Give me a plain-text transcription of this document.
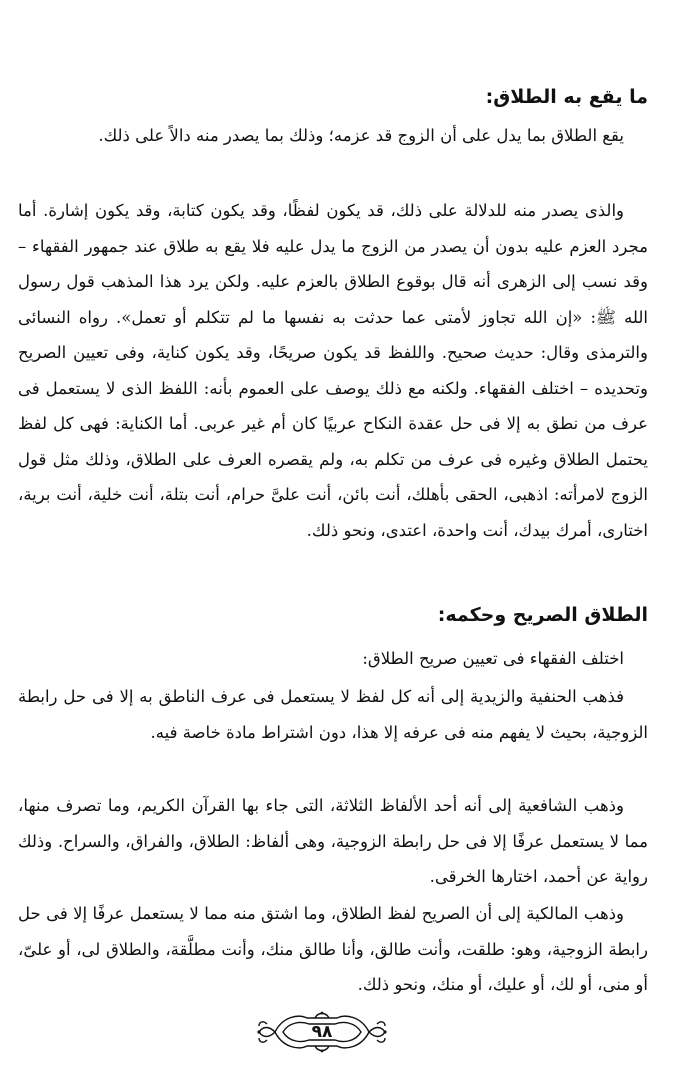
ما يقع به الطلاق:

يقع الطلاق بما يدل على أن الزوج قد عزمه؛ وذلك بما يصدر منه دالاً على ذلك.

والذى يصدر منه للدلالة على ذلك، قد يكون لفظًا، وقد يكون كتابة، وقد يكون إشارة. أما مجرد العزم عليه بدون أن يصدر من الزوج ما يدل عليه فلا يقع به طلاق عند جمهور الفقهاء – وقد نسب إلى الزهرى أنه قال بوقوع الطلاق بالعزم عليه. ولكن يرد هذا المذهب قول رسول الله ﷺ: «إن الله تجاوز لأمتى عما حدثت به نفسها ما لم تتكلم أو تعمل». رواه النسائى والترمذى وقال: حديث صحيح. واللفظ قد يكون صريحًا، وقد يكون كناية، وفى تعيين الصريح وتحديده – اختلف الفقهاء. ولكنه مع ذلك يوصف على العموم بأنه: اللفظ الذى لا يستعمل فى عرف من نطق به إلا فى حل عقدة النكاح عربيًا كان أم غير عربى. أما الكناية: فهى كل لفظ يحتمل الطلاق وغيره فى عرف من تكلم به، ولم يقصره العرف على الطلاق، وذلك مثل قول الزوج لامرأته: اذهبى، الحقى بأهلك، أنت بائن، أنت علىَّ حرام، أنت بتلة، أنت خلية، أنت برية، اختارى، أمرك بيدك، أنت واحدة، اعتدى، ونحو ذلك.

الطلاق الصريح وحكمه:

اختلف الفقهاء فى تعيين صريح الطلاق:

فذهب الحنفية والزيدية إلى أنه كل لفظ لا يستعمل فى عرف الناطق به إلا فى حل رابطة الزوجية، بحيث لا يفهم منه فى عرفه إلا هذا، دون اشتراط مادة خاصة فيه.

وذهب الشافعية إلى أنه أحد الألفاظ الثلاثة، التى جاء بها القرآن الكريم، وما تصرف منها، مما لا يستعمل عرفًا إلا فى حل رابطة الزوجية، وهى ألفاظ: الطلاق، والفراق، والسراح. وذلك رواية عن أحمد، اختارها الخرقى.

وذهب المالكية إلى أن الصريح لفظ الطلاق، وما اشتق منه مما لا يستعمل عرفًا إلا فى حل رابطة الزوجية، وهو: طلقت، وأنت طالق، وأنا طالق منك، وأنت مطلَّقة، والطلاق لى، أو علىّ، أو منى، أو لك، أو عليك، أو منك، ونحو ذلك.

٩٨
